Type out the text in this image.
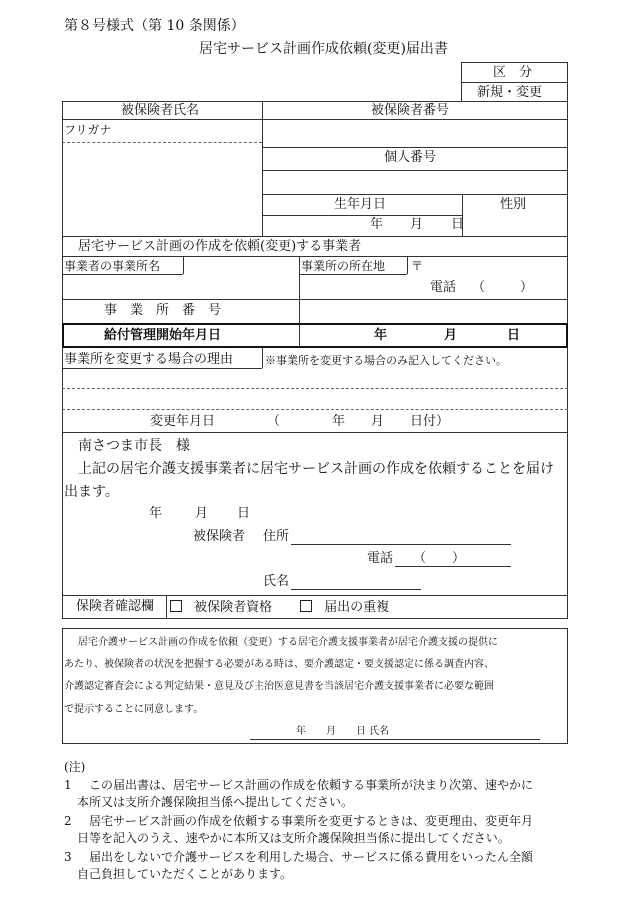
第８号様式（第 10 条関係）
居宅サービス計画作成依頼(変更)届出書
区　分
新規・変更
被保険者氏名	被保険者番号
フリガナ
個人番号
生年月日	性別
年 月 日
居宅サービス計画の作成を依頼(変更)する事業者
事業者の事業所名	事業所の所在地 〒
電話 （	）
事　業　所　番　号
給付管理開始年月日	年	月	日
事業所を変更する場合の理由	※事業所を変更する場合のみ記入してください。
変更年月日	（　　　　年　　月　　日付）
南さつま市長　様
上記の居宅介護支援事業者に居宅サービス計画の作成を依頼することを届け
出ます。
年	月 日
被保険者 住所
電話 （　　）
氏名
保険者確認欄	被保険者資格	届出の重複
居宅介護サービス計画の作成を依頼（変更）する居宅介護支援事業者が居宅介護支援の提供に
あたり、被保険者の状況を把握する必要がある時は、要介護認定・要支援認定に係る調査内容、
介護認定審査会による判定結果・意見及び主治医意見書を当該居宅介護支援事業者に必要な範囲
で提示することに同意します。
年　　月　　日 氏名
(注)
1 この届出書は、居宅サービス計画の作成を依頼する事業所が決まり次第、速やかに
本所又は支所介護保険担当係へ提出してください。
2 居宅サービス計画の作成を依頼する事業所を変更するときは、変更理由、変更年月
日等を記入のうえ、速やかに本所又は支所介護保険担当係に提出してください。
3 届出をしないで介護サービスを利用した場合、サービスに係る費用をいったん全額
自己負担していただくことがあります。
